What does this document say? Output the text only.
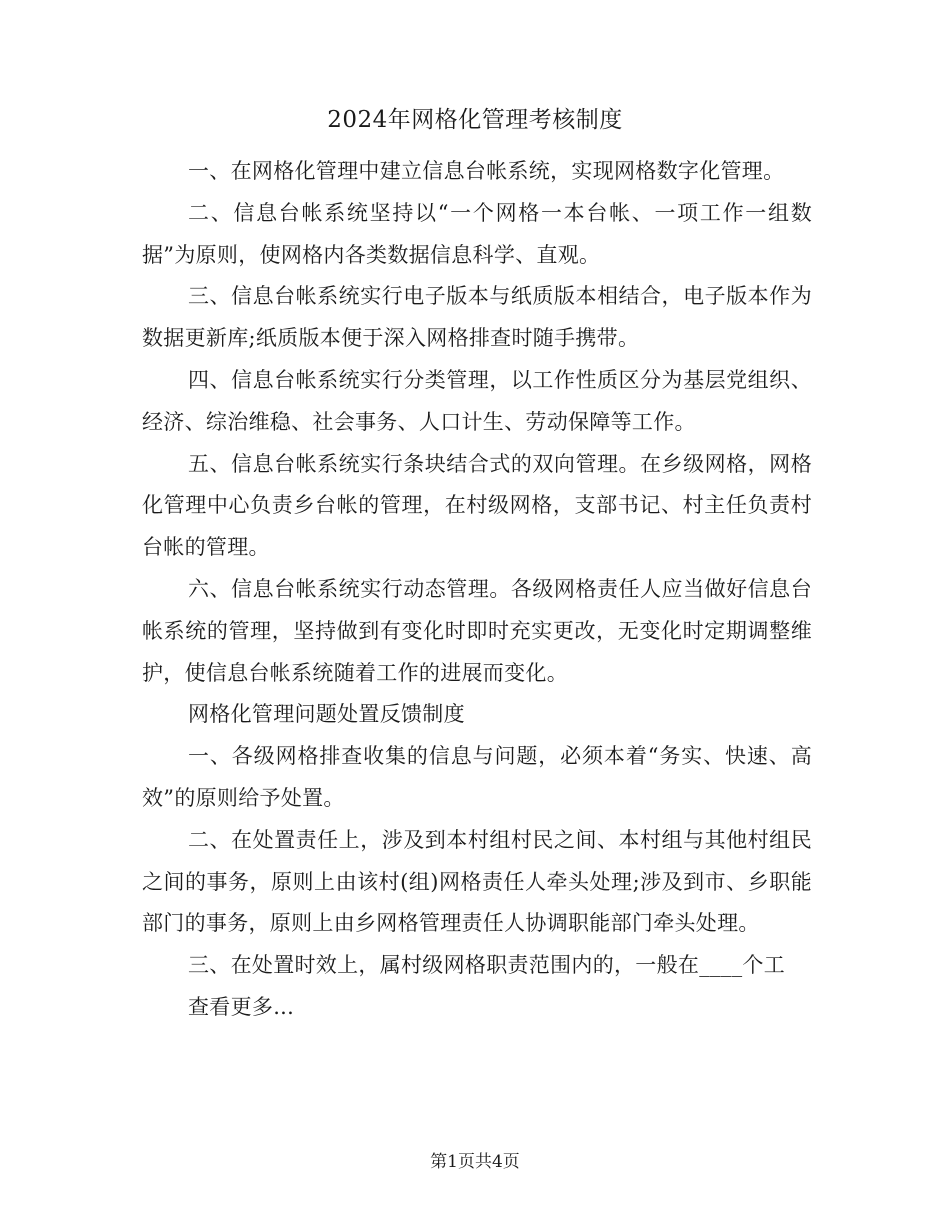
2024年网格化管理考核制度

一、在网格化管理中建立信息台帐系统，实现网格数字化管理。

二、信息台帐系统坚持以“一个网格一本台帐、一项工作一组数据”为原则，使网格内各类数据信息科学、直观。

三、信息台帐系统实行电子版本与纸质版本相结合，电子版本作为数据更新库;纸质版本便于深入网格排查时随手携带。

四、信息台帐系统实行分类管理，以工作性质区分为基层党组织、经济、综治维稳、社会事务、人口计生、劳动保障等工作。

五、信息台帐系统实行条块结合式的双向管理。在乡级网格，网格化管理中心负责乡台帐的管理，在村级网格，支部书记、村主任负责村台帐的管理。

六、信息台帐系统实行动态管理。各级网格责任人应当做好信息台帐系统的管理，坚持做到有变化时即时充实更改，无变化时定期调整维护，使信息台帐系统随着工作的进展而变化。

网格化管理问题处置反馈制度

一、各级网格排查收集的信息与问题，必须本着“务实、快速、高效”的原则给予处置。

二、在处置责任上，涉及到本村组村民之间、本村组与其他村组民之间的事务，原则上由该村(组)网格责任人牵头处理;涉及到市、乡职能部门的事务，原则上由乡网格管理责任人协调职能部门牵头处理。

三、在处置时效上，属村级网格职责范围内的，一般在____个工

查看更多...

第1页共4页
